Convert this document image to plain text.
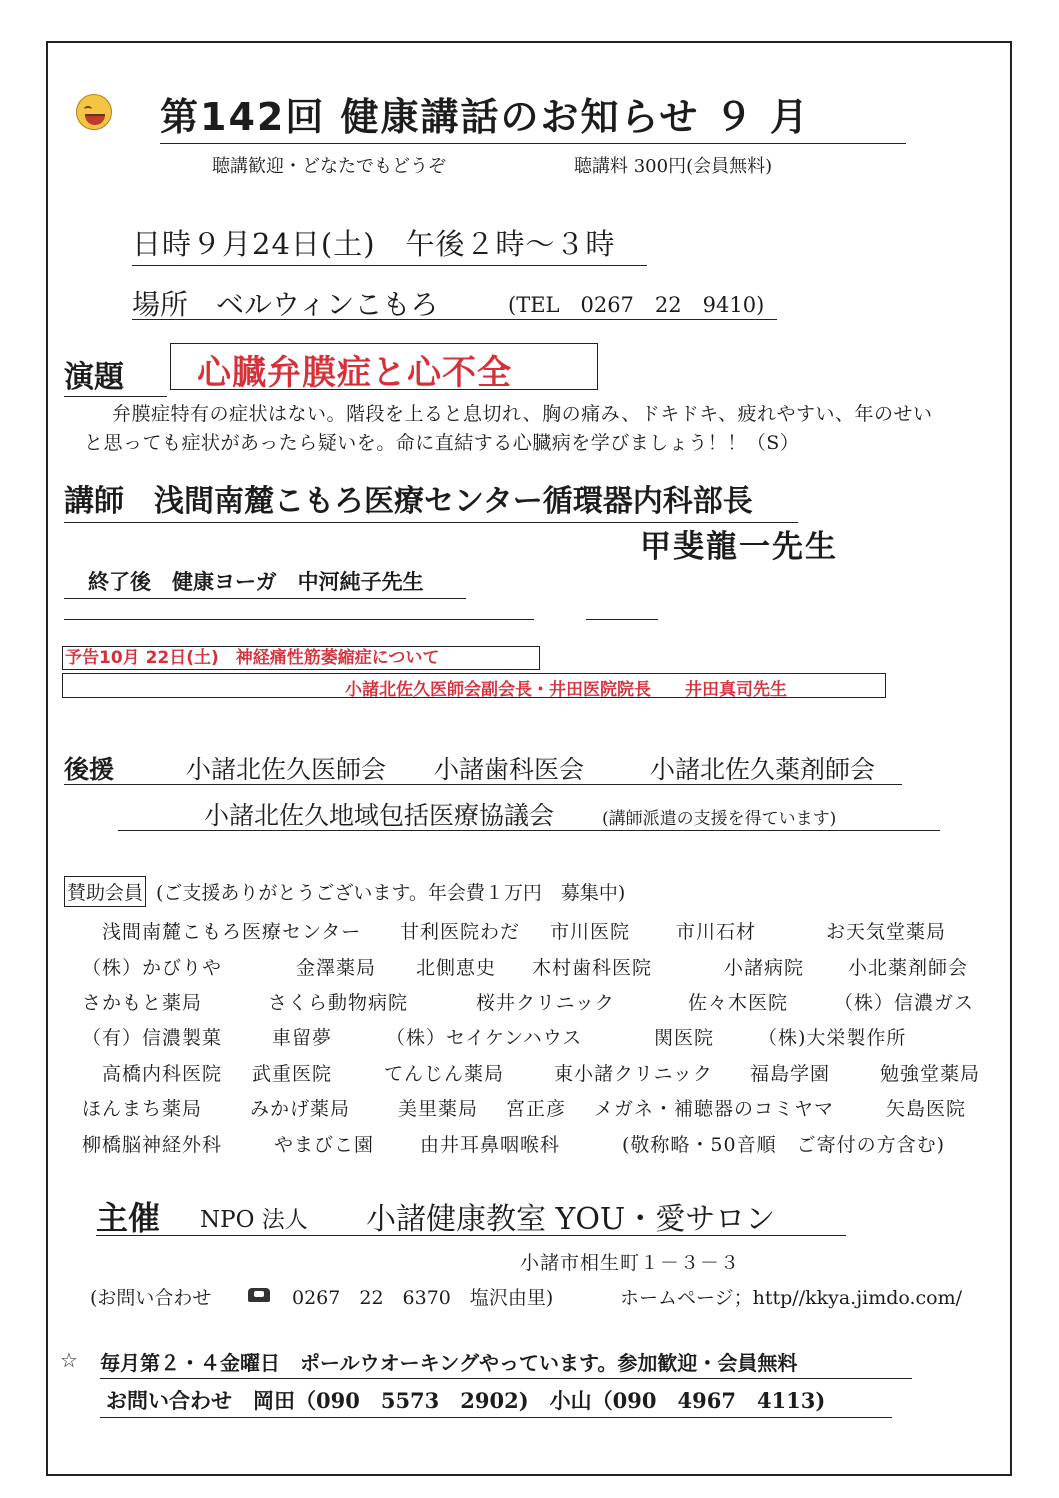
第142回 健康講話のお知らせ ９ 月
聴講歓迎・どなたでもどうぞ	聴講料 300円(会員無料)
日時９月24日(土)　午後２時～３時
場所　ベルウィンこもろ	(TEL　0267　22　9410)
演題	心臓弁膜症と心不全
弁膜症特有の症状はない。階段を上ると息切れ、胸の痛み、ドキドキ、疲れやすい、年のせい
と思っても症状があったら疑いを。命に直結する心臓病を学びましょう！！（S）
講師　浅間南麓こもろ医療センター循環器内科部長
甲斐龍一先生
終了後　健康ヨーガ　中河純子先生
予告10月 22日(土)　神経痛性筋萎縮症について
小諸北佐久医師会副会長・井田医院院長　　井田真司先生
後援	小諸北佐久医師会 小諸歯科医会	小諸北佐久薬剤師会
小諸北佐久地域包括医療協議会	(講師派遣の支援を得ています)
賛助会員 (ご支援ありがとうございます。年会費１万円　募集中)
浅間南麓こもろ医療センター 甘利医院わだ 市川医院 市川石材	お天気堂薬局
（株）かびりや	金澤薬局 北側恵史 木村歯科医院	小諸病院 小北薬剤師会
さかもと薬局	さくら動物病院	桜井クリニック	佐々木医院 （株）信濃ガス
（有）信濃製菓	車留夢	（株）セイケンハウス	関医院 （株)大栄製作所
高橋内科医院 武重医院	てんじん薬局	東小諸クリニック 福島学園	勉強堂薬局
ほんまち薬局	みかげ薬局	美里薬局 宮正彦 メガネ・補聴器のコミヤマ	矢島医院
柳橋脳神経外科	やまびこ園 由井耳鼻咽喉科	(敬称略・50音順　ご寄付の方含む)
主催 NPO 法人 小諸健康教室 YOU・愛サロン
小諸市相生町１－３－３
(お問い合わせ	0267　22　6370　塩沢由里)	ホームページ；http//kkya.jimdo.com/
☆ 毎月第２・４金曜日　ポールウオーキングやっています。参加歓迎・会員無料
お問い合わせ　岡田（090　5573　2902)　小山（090　4967　4113)
